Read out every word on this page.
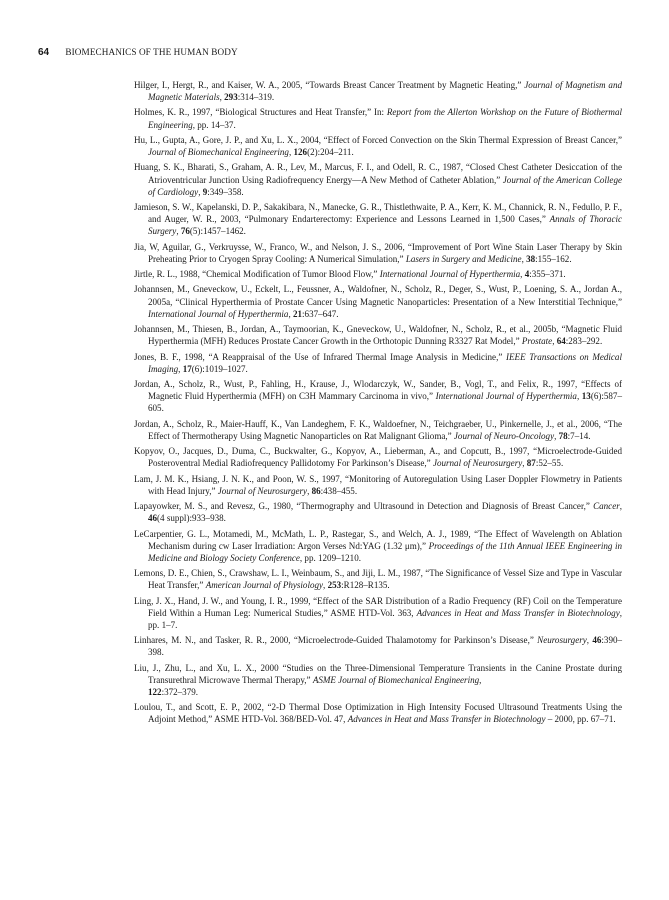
64 BIOMECHANICS OF THE HUMAN BODY
Hilger, I., Hergt, R., and Kaiser, W. A., 2005, “Towards Breast Cancer Treatment by Magnetic Heating,” Journal of Magnetism and Magnetic Materials, 293:314–319.
Holmes, K. R., 1997, “Biological Structures and Heat Transfer,” In: Report from the Allerton Workshop on the Future of Biothermal Engineering, pp. 14–37.
Hu, L., Gupta, A., Gore, J. P., and Xu, L. X., 2004, “Effect of Forced Convection on the Skin Thermal Expression of Breast Cancer,” Journal of Biomechanical Engineering, 126(2):204–211.
Huang, S. K., Bharati, S., Graham, A. R., Lev, M., Marcus, F. I., and Odell, R. C., 1987, “Closed Chest Catheter Desiccation of the Atrioventricular Junction Using Radiofrequency Energy—A New Method of Catheter Ablation,” Journal of the American College of Cardiology, 9:349–358.
Jamieson, S. W., Kapelanski, D. P., Sakakibara, N., Manecke, G. R., Thistlethwaite, P. A., Kerr, K. M., Channick, R. N., Fedullo, P. F., and Auger, W. R., 2003, “Pulmonary Endarterectomy: Experience and Lessons Learned in 1,500 Cases,” Annals of Thoracic Surgery, 76(5):1457–1462.
Jia, W, Aguilar, G., Verkruysse, W., Franco, W., and Nelson, J. S., 2006, “Improvement of Port Wine Stain Laser Therapy by Skin Preheating Prior to Cryogen Spray Cooling: A Numerical Simulation,” Lasers in Surgery and Medicine, 38:155–162.
Jirtle, R. L., 1988, “Chemical Modification of Tumor Blood Flow,” International Journal of Hyperthermia, 4:355–371.
Johannsen, M., Gneveckow, U., Eckelt, L., Feussner, A., Waldofner, N., Scholz, R., Deger, S., Wust, P., Loening, S. A., Jordan A., 2005a, “Clinical Hyperthermia of Prostate Cancer Using Magnetic Nanoparticles: Presentation of a New Interstitial Technique,” International Journal of Hyperthermia, 21:637–647.
Johannsen, M., Thiesen, B., Jordan, A., Taymoorian, K., Gneveckow, U., Waldofner, N., Scholz, R., et al., 2005b, “Magnetic Fluid Hyperthermia (MFH) Reduces Prostate Cancer Growth in the Orthotopic Dunning R3327 Rat Model,” Prostate, 64:283–292.
Jones, B. F., 1998, “A Reappraisal of the Use of Infrared Thermal Image Analysis in Medicine,” IEEE Transactions on Medical Imaging, 17(6):1019–1027.
Jordan, A., Scholz, R., Wust, P., Fahling, H., Krause, J., Wlodarczyk, W., Sander, B., Vogl, T., and Felix, R., 1997, “Effects of Magnetic Fluid Hyperthermia (MFH) on C3H Mammary Carcinoma in vivo,” International Journal of Hyperthermia, 13(6):587–605.
Jordan, A., Scholz, R., Maier-Hauff, K., Van Landeghem, F. K., Waldoefner, N., Teichgraeber, U., Pinkernelle, J., et al., 2006, “The Effect of Thermotherapy Using Magnetic Nanoparticles on Rat Malignant Glioma,” Journal of Neuro-Oncology, 78:7–14.
Kopyov, O., Jacques, D., Duma, C., Buckwalter, G., Kopyov, A., Lieberman, A., and Copcutt, B., 1997, “Microelectrode-Guided Posteroventral Medial Radiofrequency Pallidotomy For Parkinson’s Disease,” Journal of Neurosurgery, 87:52–55.
Lam, J. M. K., Hsiang, J. N. K., and Poon, W. S., 1997, “Monitoring of Autoregulation Using Laser Doppler Flowmetry in Patients with Head Injury,” Journal of Neurosurgery, 86:438–455.
Lapayowker, M. S., and Revesz, G., 1980, “Thermography and Ultrasound in Detection and Diagnosis of Breast Cancer,” Cancer, 46(4 suppl):933–938.
LeCarpentier, G. L., Motamedi, M., McMath, L. P., Rastegar, S., and Welch, A. J., 1989, “The Effect of Wavelength on Ablation Mechanism during cw Laser Irradiation: Argon Verses Nd:YAG (1.32 μm),” Proceedings of the 11th Annual IEEE Engineering in Medicine and Biology Society Conference, pp. 1209–1210.
Lemons, D. E., Chien, S., Crawshaw, L. I., Weinbaum, S., and Jiji, L. M., 1987, “The Significance of Vessel Size and Type in Vascular Heat Transfer,” American Journal of Physiology, 253:R128–R135.
Ling, J. X., Hand, J. W., and Young, I. R., 1999, “Effect of the SAR Distribution of a Radio Frequency (RF) Coil on the Temperature Field Within a Human Leg: Numerical Studies,” ASME HTD-Vol. 363, Advances in Heat and Mass Transfer in Biotechnology, pp. 1–7.
Linhares, M. N., and Tasker, R. R., 2000, “Microelectrode-Guided Thalamotomy for Parkinson’s Disease,” Neurosurgery, 46:390–398.
Liu, J., Zhu, L., and Xu, L. X., 2000 “Studies on the Three-Dimensional Temperature Transients in the Canine Prostate during Transurethral Microwave Thermal Therapy,” ASME Journal of Biomechanical Engineering,
122:372–379.
Loulou, T., and Scott, E. P., 2002, “2-D Thermal Dose Optimization in High Intensity Focused Ultrasound Treatments Using the Adjoint Method,” ASME HTD-Vol. 368/BED-Vol. 47, Advances in Heat and Mass Transfer in Biotechnology – 2000, pp. 67–71.
